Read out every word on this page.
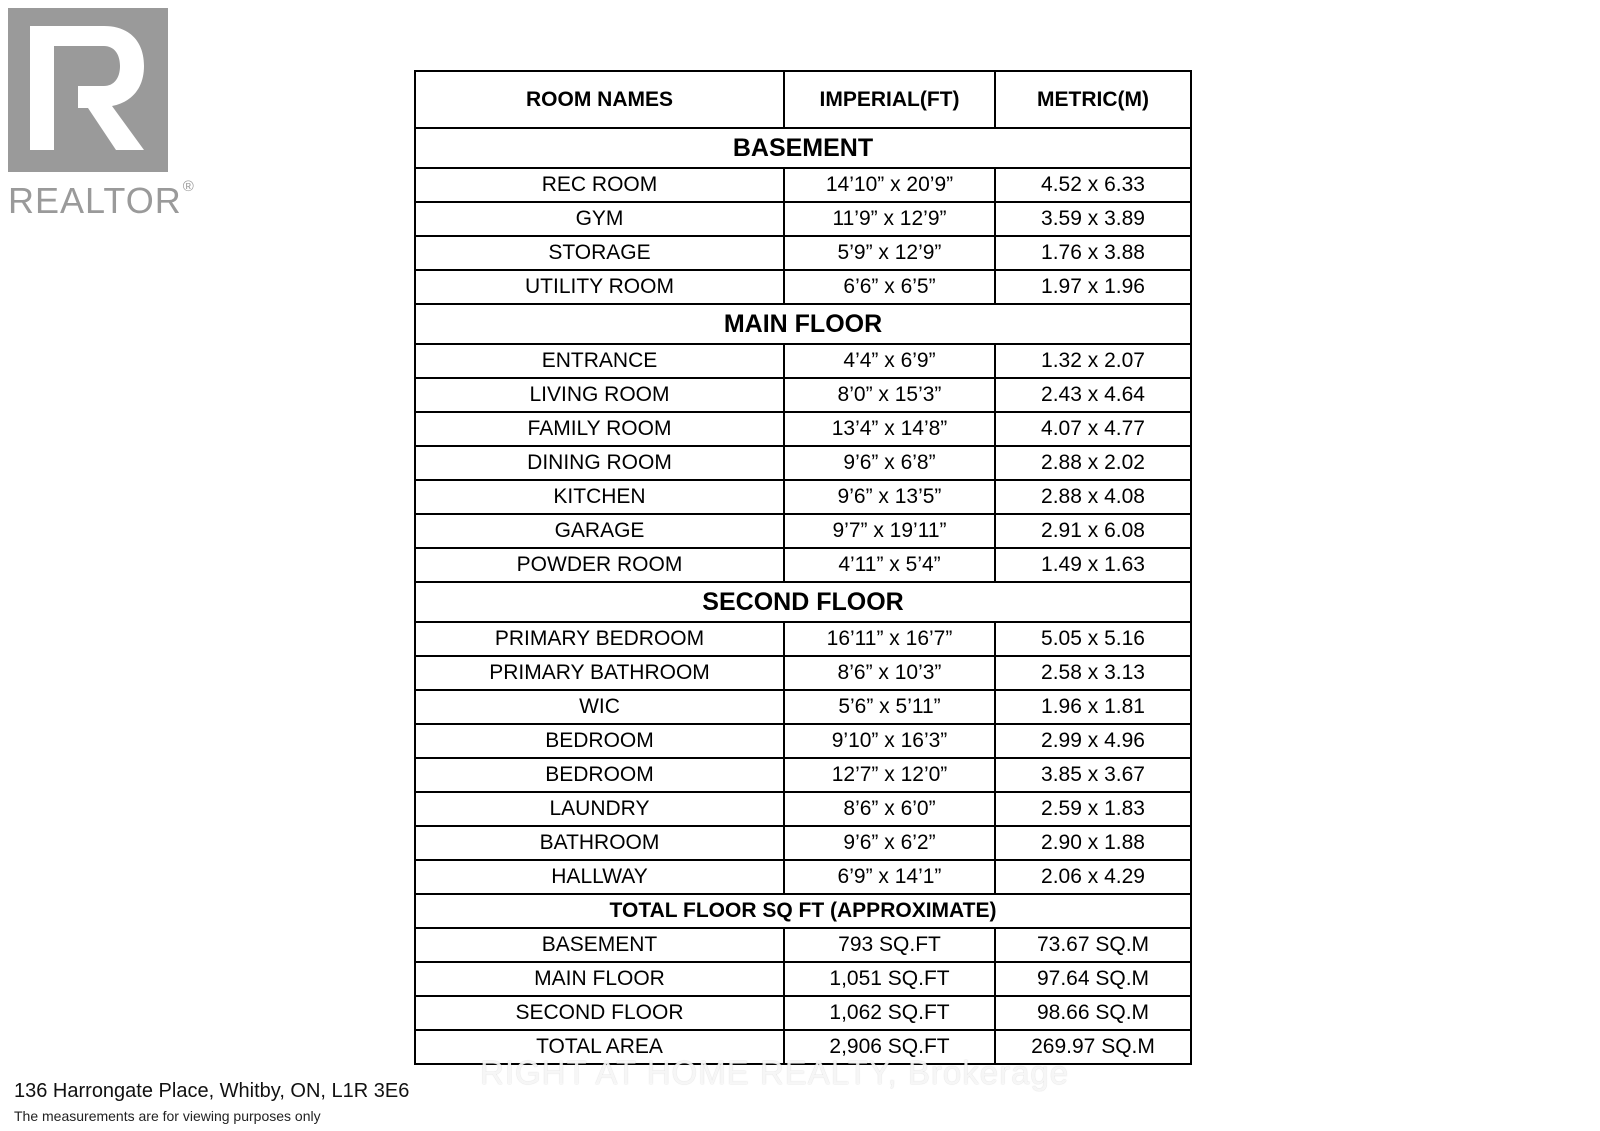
REALTOR®
ROOM NAMES	IMPERIAL(FT)	METRIC(M)
BASEMENT		
REC ROOM	14’10” x 20’9”	4.52 x 6.33
GYM	11’9” x 12’9”	3.59 x 3.89
STORAGE	5’9” x 12’9”	1.76 x 3.88
UTILITY ROOM	6’6” x 6’5”	1.97 x 1.96
MAIN FLOOR		
ENTRANCE	4’4” x 6’9”	1.32 x 2.07
LIVING ROOM	8’0” x 15’3”	2.43 x 4.64
FAMILY ROOM	13’4” x 14’8”	4.07 x 4.77
DINING ROOM	9’6” x 6’8”	2.88 x 2.02
KITCHEN	9’6” x 13’5”	2.88 x 4.08
GARAGE	9’7” x 19’11”	2.91 x 6.08
POWDER ROOM	4’11” x 5’4”	1.49 x 1.63
SECOND FLOOR		
PRIMARY BEDROOM	16’11” x 16’7”	5.05 x 5.16
PRIMARY BATHROOM	8’6” x 10’3”	2.58 x 3.13
WIC	5’6” x 5’11”	1.96 x 1.81
BEDROOM	9’10” x 16’3”	2.99 x 4.96
BEDROOM	12’7” x 12’0”	3.85 x 3.67
LAUNDRY	8’6” x 6’0”	2.59 x 1.83
BATHROOM	9’6” x 6’2”	2.90 x 1.88
HALLWAY	6’9” x 14’1”	2.06 x 4.29
TOTAL FLOOR SQ FT (APPROXIMATE)		
BASEMENT	793 SQ.FT	73.67 SQ.M
MAIN FLOOR	1,051 SQ.FT	97.64 SQ.M
SECOND FLOOR	1,062 SQ.FT	98.66 SQ.M
TOTAL AREA	2,906 SQ.FT	269.97 SQ.M
136 Harrongate Place, Whitby, ON, L1R 3E6
The measurements are for viewing purposes only
RIGHT AT HOME REALTY, Brokerage
